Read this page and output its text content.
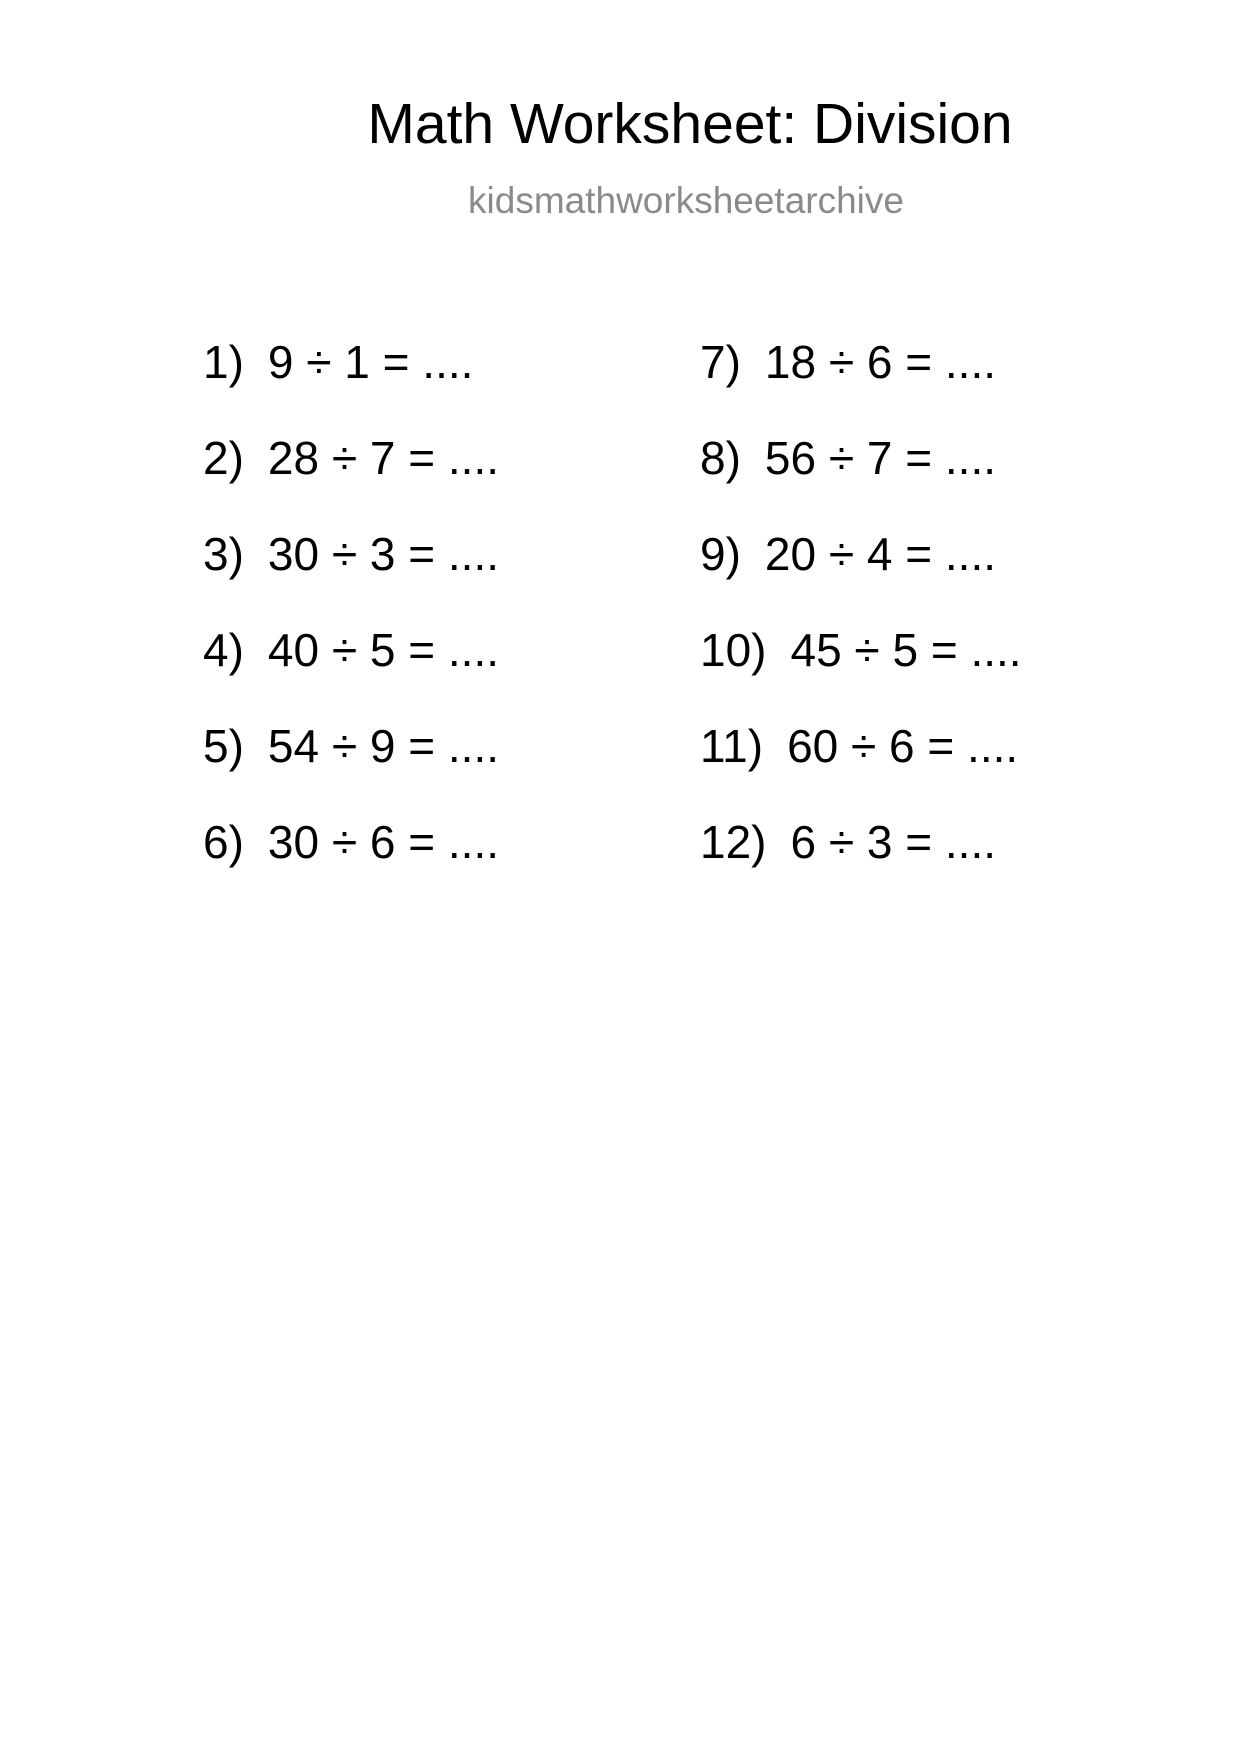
Math Worksheet: Division
kidsmathworksheetarchive
1) 9 ÷ 1 = ....
2) 28 ÷ 7 = ....
3) 30 ÷ 3 = ....
4) 40 ÷ 5 = ....
5) 54 ÷ 9 = ....
6) 30 ÷ 6 = ....
7) 18 ÷ 6 = ....
8) 56 ÷ 7 = ....
9) 20 ÷ 4 = ....
10) 45 ÷ 5 = ....
11) 60 ÷ 6 = ....
12) 6 ÷ 3 = ....
